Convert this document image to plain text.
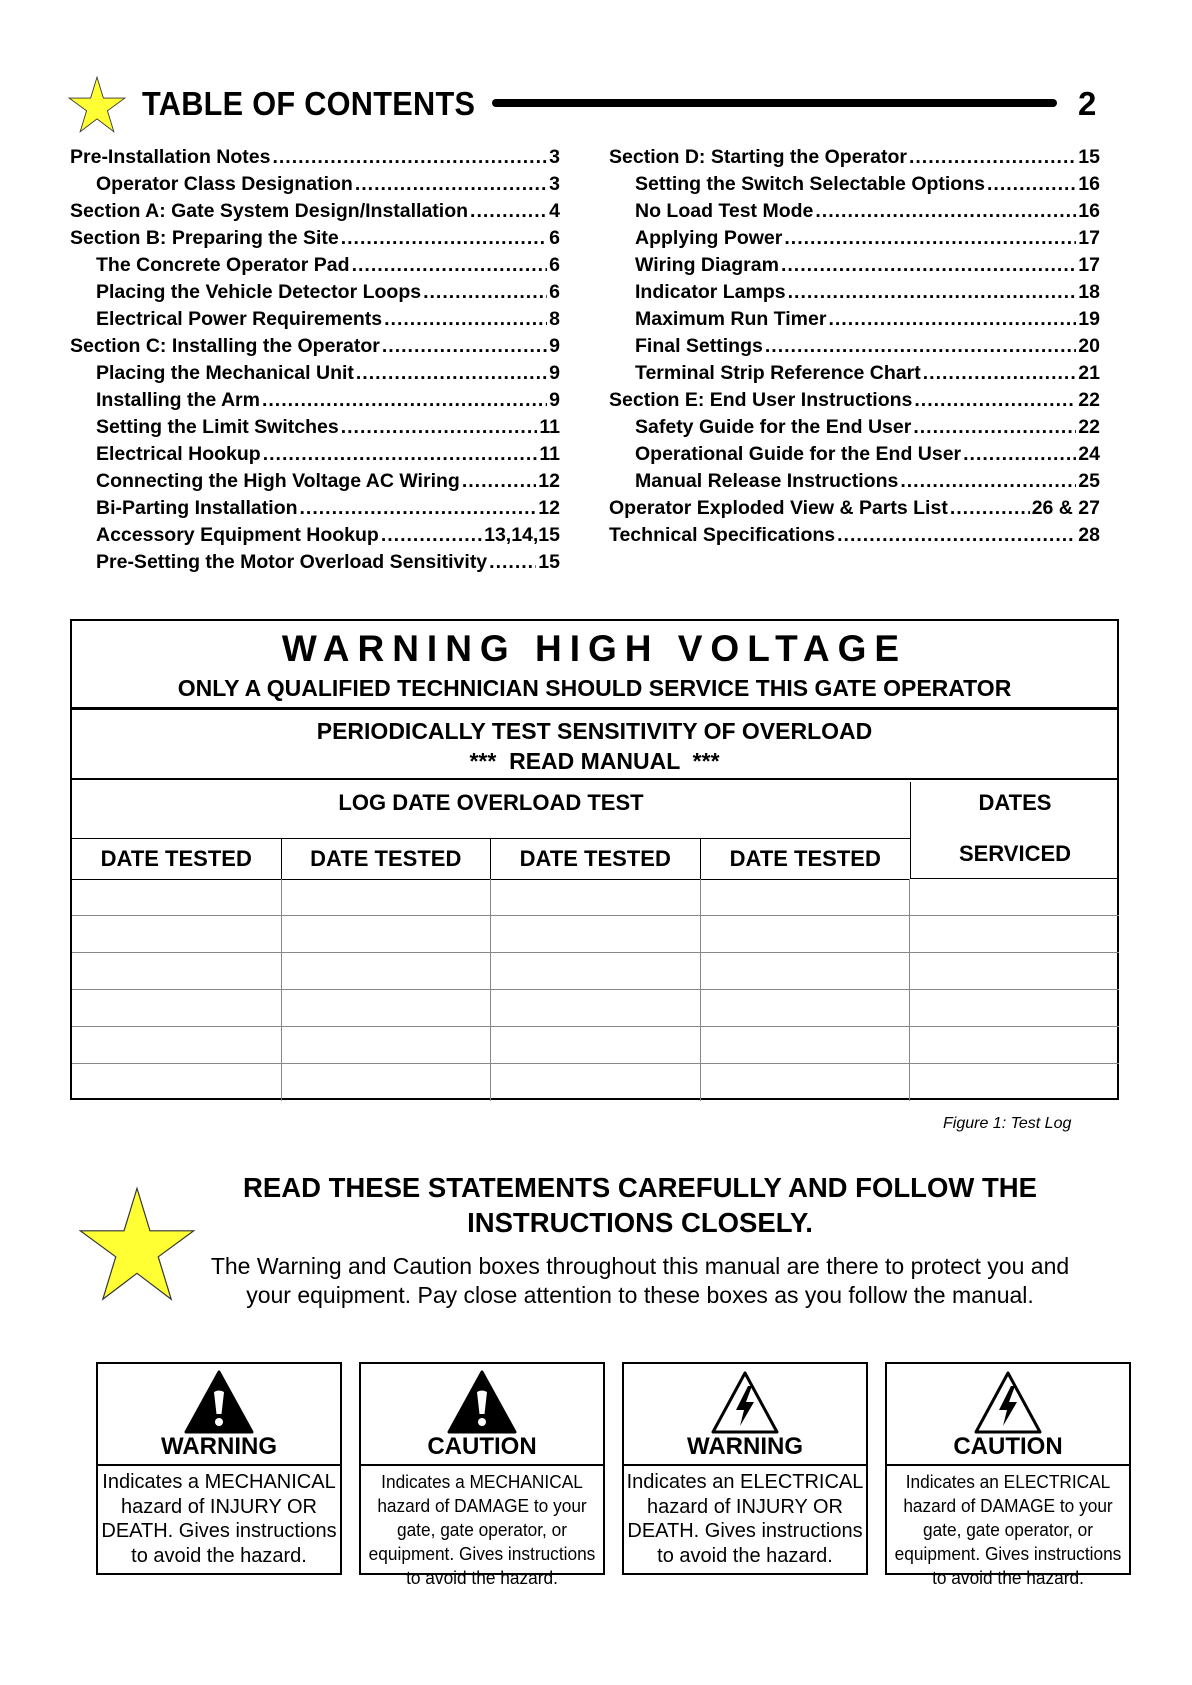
TABLE OF CONTENTS	2
Pre-Installation Notes .....	3
Operator Class Designation .....	3
Section A: Gate System Design/Installation .....	4
Section B: Preparing the Site .....	6
The Concrete Operator Pad .....	6
Placing the Vehicle Detector Loops .....	6
Electrical Power Requirements .....	8
Section C: Installing the Operator .....	9
Placing the Mechanical Unit .....	9
Installing the Arm .....	9
Setting the Limit Switches .....	11
Electrical Hookup .....	11
Connecting the High Voltage AC Wiring .....	12
Bi-Parting Installation .....	12
Accessory Equipment Hookup .....	13,14,15
Pre-Setting the Motor Overload Sensitivity .....	15
Section D: Starting the Operator .....	15
Setting the Switch Selectable Options .....	16
No Load Test Mode .....	16
Applying Power .....	17
Wiring Diagram .....	17
Indicator Lamps .....	18
Maximum Run Timer .....	19
Final Settings .....	20
Terminal Strip Reference Chart .....	21
Section E: End User Instructions .....	22
Safety Guide for the End User .....	22
Operational Guide for the End User .....	24
Manual Release Instructions .....	25
Operator Exploded View & Parts List .....	26 & 27
Technical Specifications .....	28
WARNING HIGH VOLTAGE
ONLY A QUALIFIED TECHNICIAN SHOULD SERVICE THIS GATE OPERATOR
PERIODICALLY TEST SENSITIVITY OF OVERLOAD
***  READ MANUAL  ***
LOG DATE OVERLOAD TEST	DATES
SERVICED
DATE TESTED	DATE TESTED	DATE TESTED	DATE TESTED
Figure 1: Test Log
READ THESE STATEMENTS CAREFULLY AND FOLLOW THE INSTRUCTIONS CLOSELY.
The Warning and Caution boxes throughout this manual are there to protect you and your equipment. Pay close attention to these boxes as you follow the manual.
WARNING
Indicates a MECHANICAL hazard of INJURY OR DEATH. Gives instructions to avoid the hazard.
CAUTION
Indicates a MECHANICAL hazard of DAMAGE to your gate, gate operator, or equipment. Gives instructions to avoid the hazard.
WARNING
Indicates an ELECTRICAL hazard of INJURY OR DEATH. Gives instructions to avoid the hazard.
CAUTION
Indicates an ELECTRICAL hazard of DAMAGE to your gate, gate operator, or equipment. Gives instructions to avoid the hazard.
